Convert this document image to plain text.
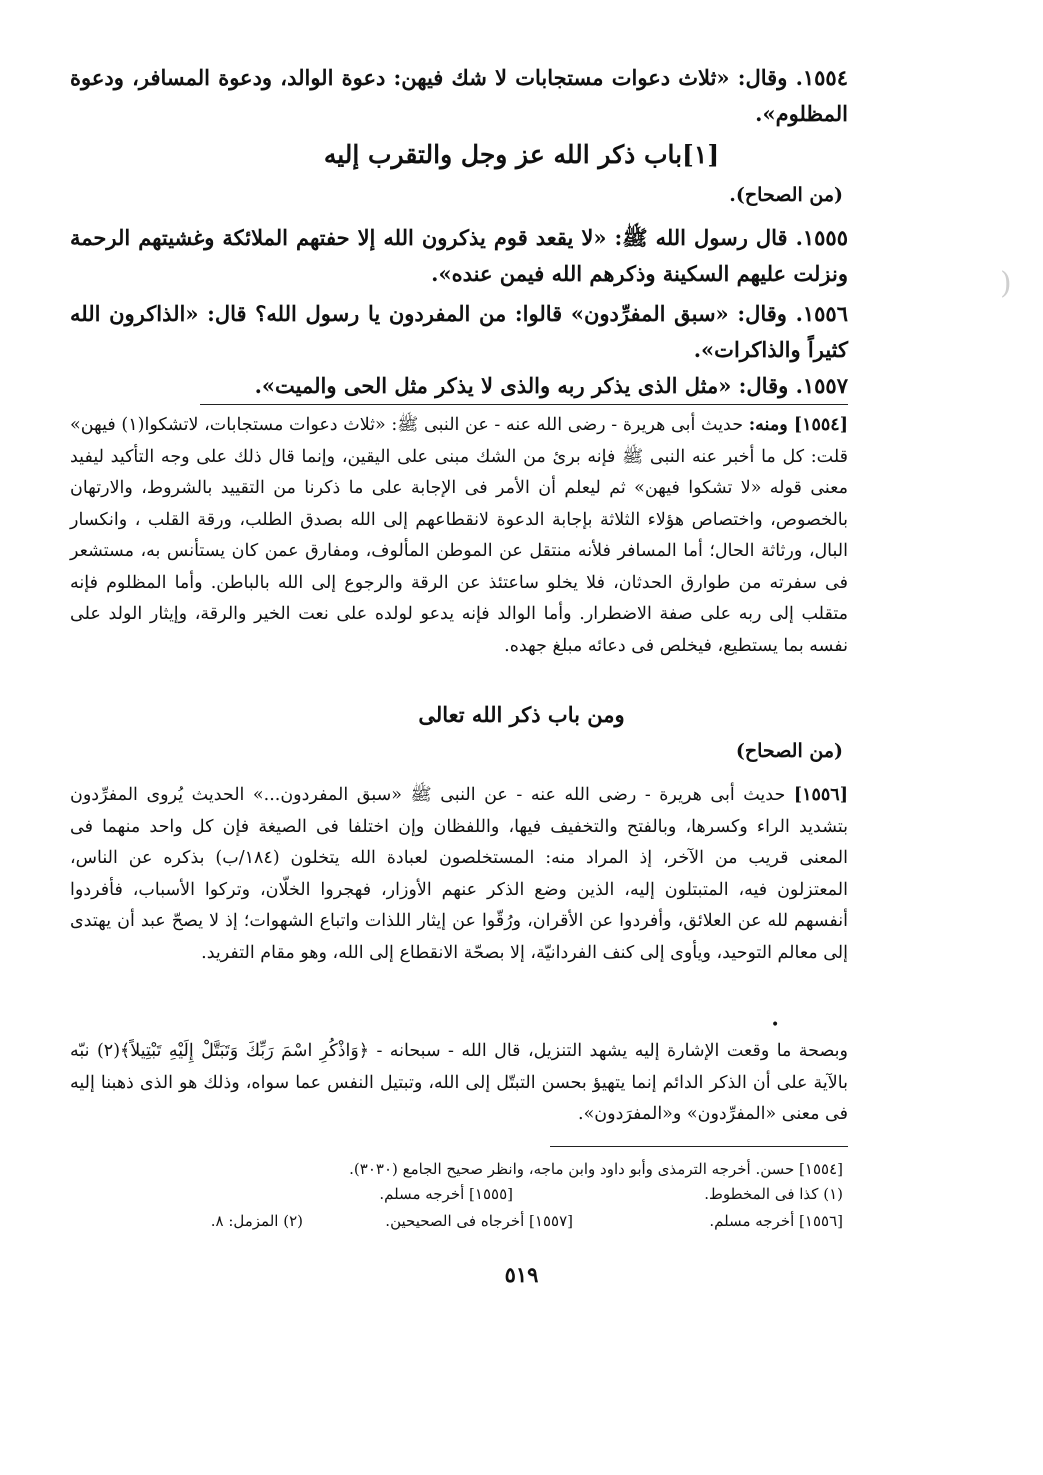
(

١٥٥٤. وقال: «ثلاث دعوات مستجابات لا شك فيهن: دعوة الوالد، ودعوة المسافر، ودعوة المظلوم».

[١]باب ذكر الله عز وجل والتقرب إليه
(من الصحاح).

١٥٥٥. قال رسول الله ﷺ: «لا يقعد قوم يذكرون الله إلا حفتهم الملائكة وغشيتهم الرحمة ونزلت عليهم السكينة وذكرهم الله فيمن عنده».

١٥٥٦. وقال: «سبق المفرِّدون» قالوا: من المفردون يا رسول الله؟ قال: «الذاكرون الله كثيراً والذاكرات».

١٥٥٧. وقال: «مثل الذى يذكر ربه والذى لا يذكر مثل الحى والميت».

[١٥٥٤] ومنه: حديث أبى هريرة - رضى الله عنه - عن النبى ﷺ: «ثلاث دعوات مستجابات، لاتشكوا(١) فيهن» قلت: كل ما أخبر عنه النبى ﷺ فإنه برئ من الشك مبنى على اليقين، وإنما قال ذلك على وجه التأكيد ليفيد معنى قوله «لا تشكوا فيهن» ثم ليعلم أن الأمر فى الإجابة على ما ذكرنا من التقييد بالشروط، والارتهان بالخصوص، واختصاص هؤلاء الثلاثة بإجابة الدعوة لانقطاعهم إلى الله بصدق الطلب، ورقة القلب ، وانكسار البال، ورثاثة الحال؛ أما المسافر فلأنه منتقل عن الموطن المألوف، ومفارق عمن كان يستأنس به، مستشعر فى سفرته من طوارق الحدثان، فلا يخلو ساعتئذ عن الرقة والرجوع إلى الله بالباطن. وأما المظلوم فإنه متقلب إلى ربه على صفة الاضطرار. وأما الوالد فإنه يدعو لولده على نعت الخير والرقة، وإيثار الولد على نفسه بما يستطيع، فيخلص فى دعائه مبلغ جهده.

ومن باب ذكر الله تعالى
(من الصحاح)

[١٥٥٦] حديث أبى هريرة - رضى الله عنه - عن النبى ﷺ «سبق المفردون...» الحديث يُروى المفرِّدون بتشديد الراء وكسرها، وبالفتح والتخفيف فيها، واللفظان وإن اختلفا فى الصيغة فإن كل واحد منهما فى المعنى قريب من الآخر، إذ المراد منه: المستخلصون لعبادة الله يتخلون (١٨٤/ب) بذكره عن الناس، المعتزلون فيه، المتبتلون إليه، الذين وضع الذكر عنهم الأوزار، فهجروا الخلّان، وتركوا الأسباب، فأفردوا أنفسهم لله عن العلائق، وأفردوا عن الأقران، ورُقّوا عن إيثار اللذات واتباع الشهوات؛ إذ لا يصحّ عبد أن يهتدى إلى معالم التوحيد، ويأوى إلى كنف الفردانيّة، إلا بصحّة الانقطاع إلى الله، وهو مقام التفريد.

•

وبصحة ما وقعت الإشارة إليه يشهد التنزيل، قال الله - سبحانه - ﴿وَاذْكُرِ اسْمَ رَبِّكَ وَتَبَتَّلْ إِلَيْهِ تَبْتِيلاً﴾(٢) نبّه بالآية على أن الذكر الدائم إنما يتهيؤ بحسن التبتّل إلى الله، وتبتيل النفس عما سواه، وذلك هو الذى ذهبنا إليه فى معنى «المفرِّدون» و«المفرَدون».

[١٥٥٤] حسن. أخرجه الترمذى وأبو داود وابن ماجه، وانظر صحيح الجامع (٣٠٣٠).
(١) كذا فى المخطوط.
[١٥٥٥] أخرجه مسلم.
[١٥٥٦] أخرجه مسلم.
[١٥٥٧] أخرجاه فى الصحيحين.
(٢) المزمل: ٨.
٥١٩
